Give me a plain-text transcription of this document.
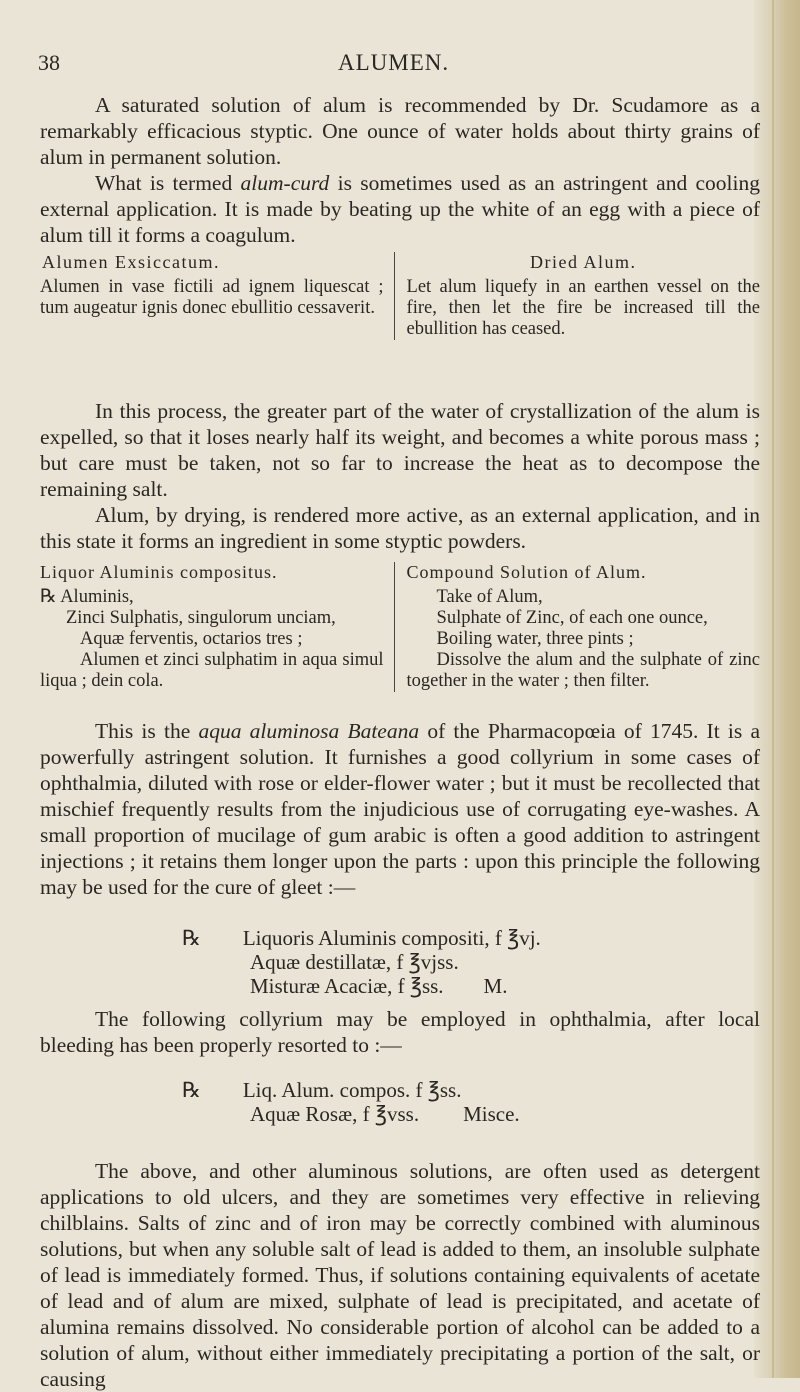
38	ALUMEN.

A saturated solution of alum is recommended by Dr. Scudamore as a remarkably efficacious styptic. One ounce of water holds about thirty grains of alum in permanent solution.

What is termed alum-curd is sometimes used as an astringent and cooling external application. It is made by beating up the white of an egg with a piece of alum till it forms a coagulum.

Alumen Exsiccatum.

Alumen in vase fictili ad ignem liquescat ; tum augeatur ignis donec ebullitio cessaverit.

Dried Alum.

Let alum liquefy in an earthen vessel on the fire, then let the fire be increased till the ebullition has ceased.

In this process, the greater part of the water of crystallization of the alum is expelled, so that it loses nearly half its weight, and becomes a white porous mass ; but care must be taken, not so far to increase the heat as to decompose the remaining salt.

Alum, by drying, is rendered more active, as an external application, and in this state it forms an ingredient in some styptic powders.

Liquor Aluminis compositus.

℞ Aluminis,

Zinci Sulphatis, singulorum unciam,

Aquæ ferventis, octarios tres ;

Alumen et zinci sulphatim in aqua simul liqua ; dein cola.

Compound Solution of Alum.

Take of Alum,

Sulphate of Zinc, of each one ounce,

Boiling water, three pints ;

Dissolve the alum and the sulphate of zinc together in the water ; then filter.

This is the aqua aluminosa Bateana of the Pharmacopœia of 1745. It is a powerfully astringent solution. It furnishes a good collyrium in some cases of ophthalmia, diluted with rose or elder-flower water ; but it must be recollected that mischief frequently results from the injudicious use of corrugating eye-washes. A small proportion of mucilage of gum arabic is often a good addition to astringent injections ; it retains them longer upon the parts : upon this principle the following may be used for the cure of gleet :—

℞ Liquoris Aluminis compositi, f ℥vj.
Aquæ destillatæ, f ℥vjss.
Misturæ Acaciæ, f ℥ss. M.

The following collyrium may be employed in ophthalmia, after local bleeding has been properly resorted to :—

℞ Liq. Alum. compos. f ℥ss.
Aquæ Rosæ, f ℥vss. Misce.

The above, and other aluminous solutions, are often used as detergent applications to old ulcers, and they are sometimes very effective in relieving chilblains. Salts of zinc and of iron may be correctly combined with aluminous solutions, but when any soluble salt of lead is added to them, an insoluble sulphate of lead is immediately formed. Thus, if solutions containing equivalents of acetate of lead and of alum are mixed, sulphate of lead is precipitated, and acetate of alumina remains dissolved. No considerable portion of alcohol can be added to a solution of alum, without either immediately precipitating a portion of the salt, or causing
